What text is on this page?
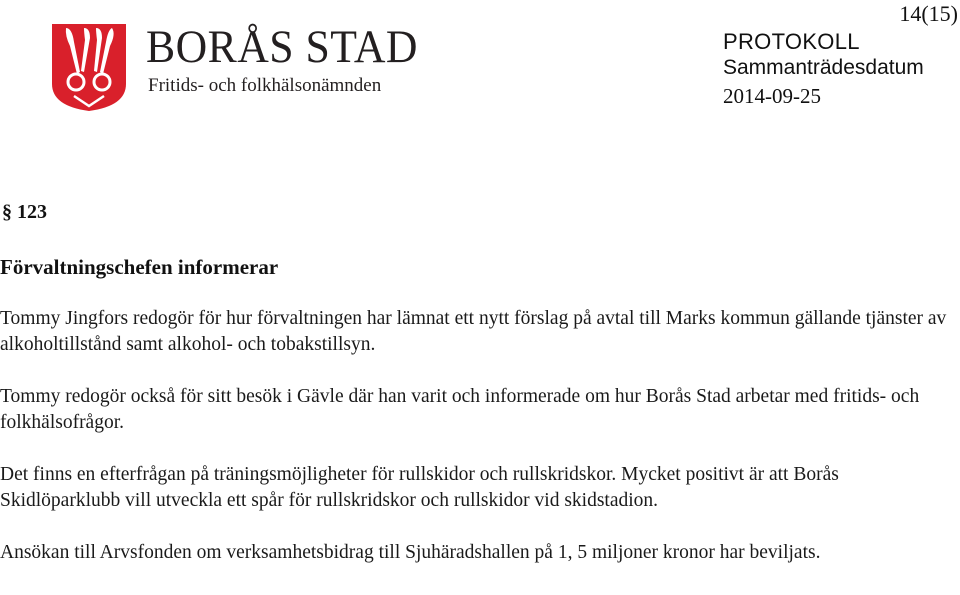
BORÅS STAD
Fritids- och folkhälsonämnden
14(15)
PROTOKOLL
Sammanträdesdatum
2014-09-25
§ 123
Förvaltningschefen informerar

Tommy Jingfors redogör för hur förvaltningen har lämnat ett nytt förslag på avtal till Marks kommun gällande tjänster av alkoholtillstånd samt alkohol- och tobakstillsyn.

Tommy redogör också för sitt besök i Gävle där han varit och informerade om hur Borås Stad arbetar med fritids- och folkhälsofrågor.

Det finns en efterfrågan på träningsmöjligheter för rullskidor och rullskridskor. Mycket positivt är att Borås Skidlöparklubb vill utveckla ett spår för rullskridskor och rullskidor vid skidstadion.

Ansökan till Arvsfonden om verksamhetsbidrag till Sjuhäradshallen på 1, 5 miljoner kronor har beviljats.
